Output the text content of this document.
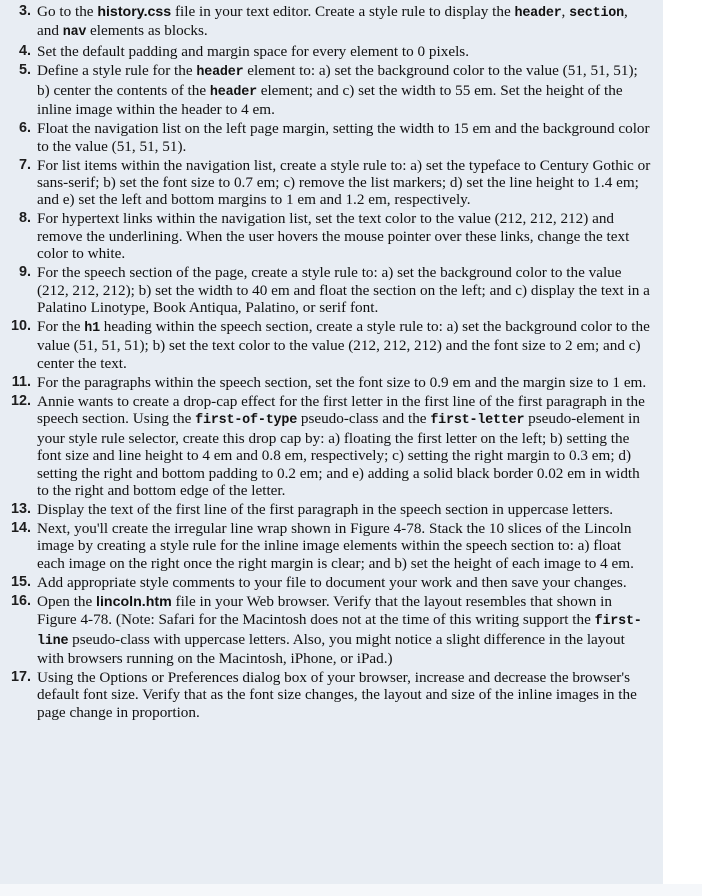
3. Go to the history.css file in your text editor. Create a style rule to display the header, section, and nav elements as blocks.
4. Set the default padding and margin space for every element to 0 pixels.
5. Define a style rule for the header element to: a) set the background color to the value (51, 51, 51); b) center the contents of the header element; and c) set the width to 55 em. Set the height of the inline image within the header to 4 em.
6. Float the navigation list on the left page margin, setting the width to 15 em and the background color to the value (51, 51, 51).
7. For list items within the navigation list, create a style rule to: a) set the typeface to Century Gothic or sans-serif; b) set the font size to 0.7 em; c) remove the list markers; d) set the line height to 1.4 em; and e) set the left and bottom margins to 1 em and 1.2 em, respectively.
8. For hypertext links within the navigation list, set the text color to the value (212, 212, 212) and remove the underlining. When the user hovers the mouse pointer over these links, change the text color to white.
9. For the speech section of the page, create a style rule to: a) set the background color to the value (212, 212, 212); b) set the width to 40 em and float the section on the left; and c) display the text in a Palatino Linotype, Book Antiqua, Palatino, or serif font.
10. For the h1 heading within the speech section, create a style rule to: a) set the background color to the value (51, 51, 51); b) set the text color to the value (212, 212, 212) and the font size to 2 em; and c) center the text.
11. For the paragraphs within the speech section, set the font size to 0.9 em and the margin size to 1 em.
12. Annie wants to create a drop-cap effect for the first letter in the first line of the first paragraph in the speech section. Using the first-of-type pseudo-class and the first-letter pseudo-element in your style rule selector, create this drop cap by: a) floating the first letter on the left; b) setting the font size and line height to 4 em and 0.8 em, respectively; c) setting the right margin to 0.3 em; d) setting the right and bottom padding to 0.2 em; and e) adding a solid black border 0.02 em in width to the right and bottom edge of the letter.
13. Display the text of the first line of the first paragraph in the speech section in uppercase letters.
14. Next, you'll create the irregular line wrap shown in Figure 4-78. Stack the 10 slices of the Lincoln image by creating a style rule for the inline image elements within the speech section to: a) float each image on the right once the right margin is clear; and b) set the height of each image to 4 em.
15. Add appropriate style comments to your file to document your work and then save your changes.
16. Open the lincoln.htm file in your Web browser. Verify that the layout resembles that shown in Figure 4-78. (Note: Safari for the Macintosh does not at the time of this writing support the first-line pseudo-class with uppercase letters. Also, you might notice a slight difference in the layout with browsers running on the Macintosh, iPhone, or iPad.)
17. Using the Options or Preferences dialog box of your browser, increase and decrease the browser's default font size. Verify that as the font size changes, the layout and size of the inline images in the page change in proportion.
